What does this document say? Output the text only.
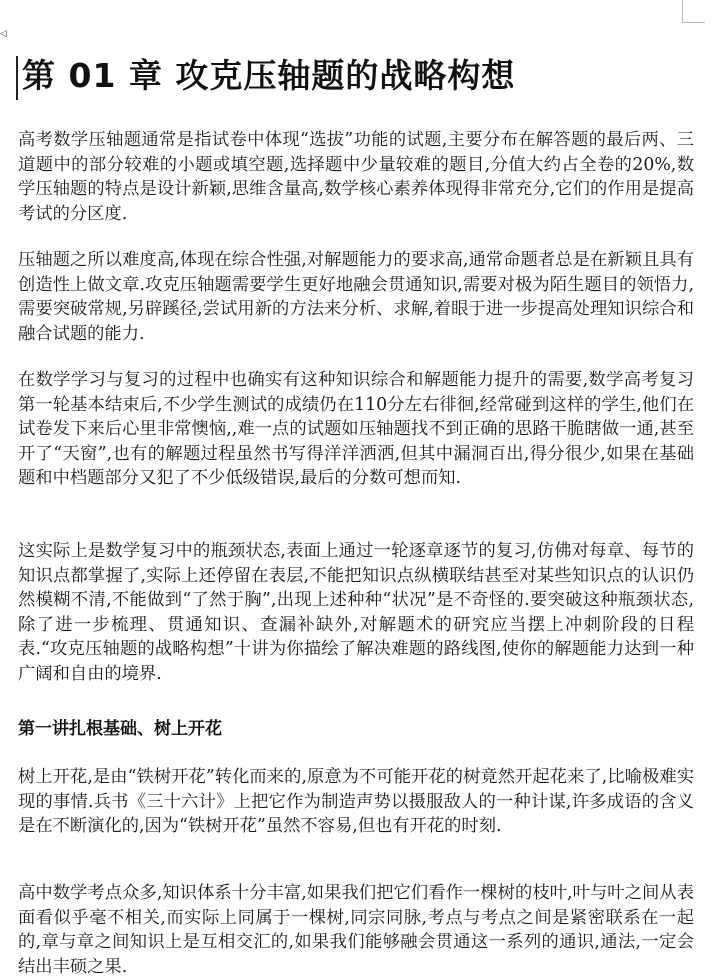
◁
第 01 章 攻克压轴题的战略构想

高考数学压轴题通常是指试卷中体现“选拔”功能的试题,主要分布在解答题的最后两、三道题中的部分较难的小题或填空题,选择题中少量较难的题目,分值大约占全卷的20%,数学压轴题的特点是设计新颖,思维含量高,数学核心素养体现得非常充分,它们的作用是提高考试的分区度.

压轴题之所以难度高,体现在综合性强,对解题能力的要求高,通常命题者总是在新颖且具有创造性上做文章.攻克压轴题需要学生更好地融会贯通知识,需要对极为陌生题目的领悟力,需要突破常规,另辟蹊径,尝试用新的方法来分析、求解,着眼于进一步提高处理知识综合和融合试题的能力.

在数学学习与复习的过程中也确实有这种知识综合和解题能力提升的需要,数学高考复习第一轮基本结束后,不少学生测试的成绩仍在110分左右徘徊,经常碰到这样的学生,他们在试卷发下来后心里非常懊恼,,难一点的试题如压轴题找不到正确的思路干脆瞎做一通,甚至开了“天窗”,也有的解题过程虽然书写得洋洋洒洒,但其中漏洞百出,得分很少,如果在基础题和中档题部分又犯了不少低级错误,最后的分数可想而知.

这实际上是数学复习中的瓶颈状态,表面上通过一轮逐章逐节的复习,仿佛对每章、每节的知识点都掌握了,实际上还停留在表层,不能把知识点纵横联结甚至对某些知识点的认识仍然模糊不清,不能做到“了然于胸”,出现上述种种“状况”是不奇怪的.要突破这种瓶颈状态,除了进一步梳理、贯通知识、查漏补缺外,对解题术的研究应当摆上冲刺阶段的日程表.“攻克压轴题的战略构想”十讲为你描绘了解决难题的路线图,使你的解题能力达到一种广阔和自由的境界.

第一讲扎根基础、树上开花

树上开花,是由“铁树开花”转化而来的,原意为不可能开花的树竟然开起花来了,比喻极难实现的事情.兵书《三十六计》上把它作为制造声势以摄服敌人的一种计谋,许多成语的含义是在不断演化的,因为“铁树开花”虽然不容易,但也有开花的时刻.

高中数学考点众多,知识体系十分丰富,如果我们把它们看作一棵树的枝叶,叶与叶之间从表面看似乎毫不相关,而实际上同属于一棵树,同宗同脉,考点与考点之间是紧密联系在一起的,章与章之间知识上是互相交汇的,如果我们能够融会贯通这一系列的通识,通法,一定会结出丰硕之果.
